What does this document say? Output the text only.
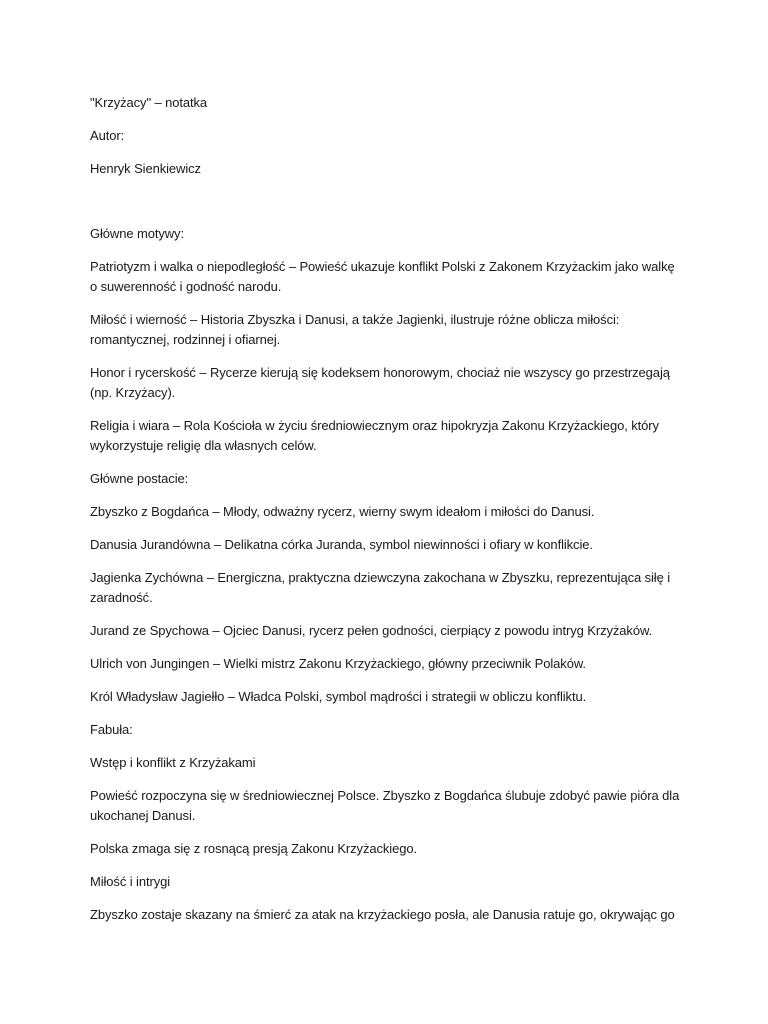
"Krzyżacy" – notatka

Autor:

Henryk Sienkiewicz

Główne motywy:

Patriotyzm i walka o niepodległość – Powieść ukazuje konflikt Polski z Zakonem Krzyżackim jako walkę o suwerenność i godność narodu.

Miłość i wierność – Historia Zbyszka i Danusi, a także Jagienki, ilustruje różne oblicza miłości: romantycznej, rodzinnej i ofiarnej.

Honor i rycerskość – Rycerze kierują się kodeksem honorowym, chociaż nie wszyscy go przestrzegają (np. Krzyżacy).

Religia i wiara – Rola Kościoła w życiu średniowiecznym oraz hipokryzja Zakonu Krzyżackiego, który wykorzystuje religię dla własnych celów.

Główne postacie:

Zbyszko z Bogdańca – Młody, odważny rycerz, wierny swym ideałom i miłości do Danusi.

Danusia Jurandówna – Delikatna córka Juranda, symbol niewinności i ofiary w konflikcie.

Jagienka Zychówna – Energiczna, praktyczna dziewczyna zakochana w Zbyszku, reprezentująca siłę i zaradność.

Jurand ze Spychowa – Ojciec Danusi, rycerz pełen godności, cierpiący z powodu intryg Krzyżaków.

Ulrich von Jungingen – Wielki mistrz Zakonu Krzyżackiego, główny przeciwnik Polaków.

Król Władysław Jagiełło – Władca Polski, symbol mądrości i strategii w obliczu konfliktu.

Fabuła:

Wstęp i konflikt z Krzyżakami

Powieść rozpoczyna się w średniowiecznej Polsce. Zbyszko z Bogdańca ślubuje zdobyć pawie pióra dla ukochanej Danusi.

Polska zmaga się z rosnącą presją Zakonu Krzyżackiego.

Miłość i intrygi

Zbyszko zostaje skazany na śmierć za atak na krzyżackiego posła, ale Danusia ratuje go, okrywając go
